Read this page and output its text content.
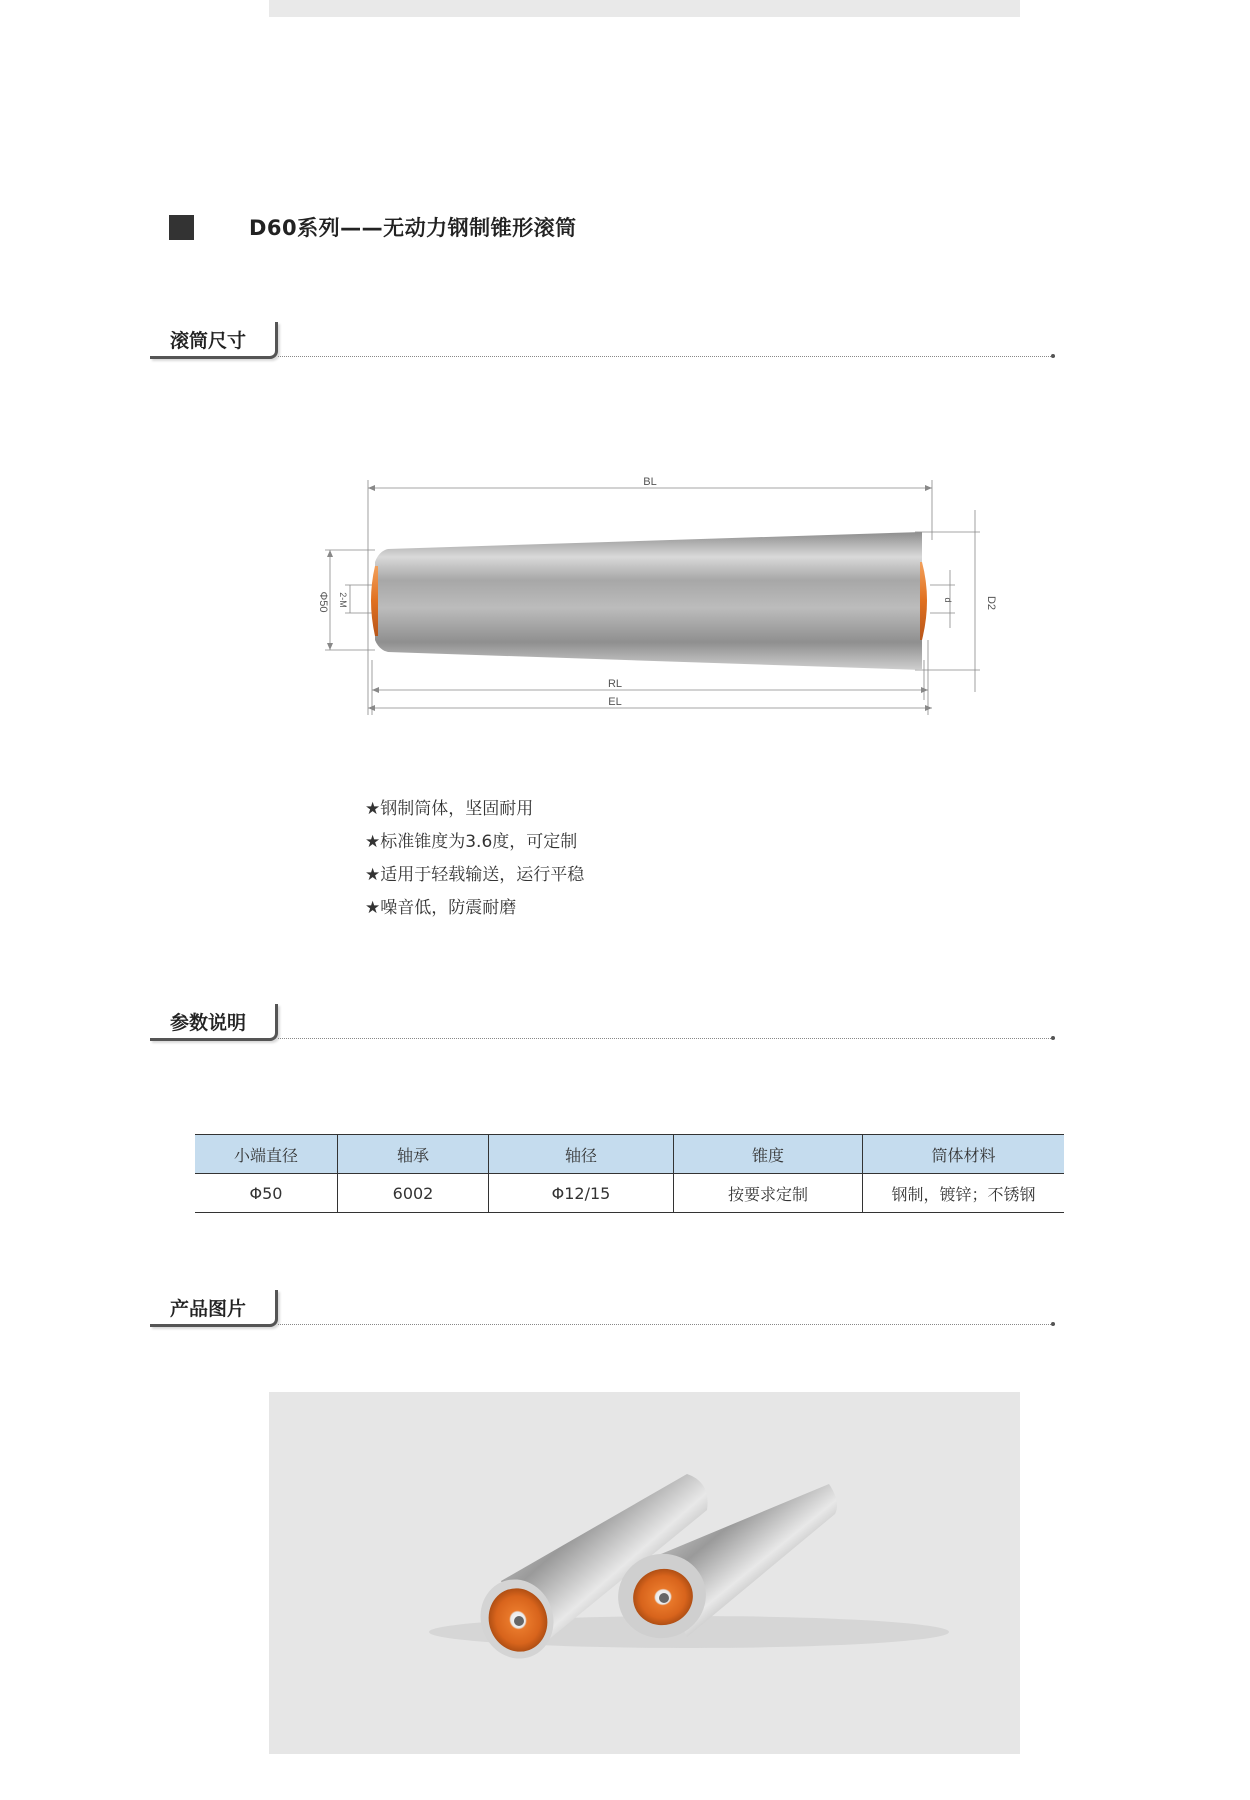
D60系列——无动力钢制锥形滚筒
滚筒尺寸
BL
RL
EL
Φ50 2-M	D2
d
★钢制筒体，坚固耐用
★标准锥度为3.6度，可定制
★适用于轻载输送，运行平稳
★噪音低，防震耐磨
参数说明
小端直径	轴承	轴径	锥度	筒体材料
Φ50	6002	Φ12/15	按要求定制	钢制，镀锌；不锈钢
产品图片
